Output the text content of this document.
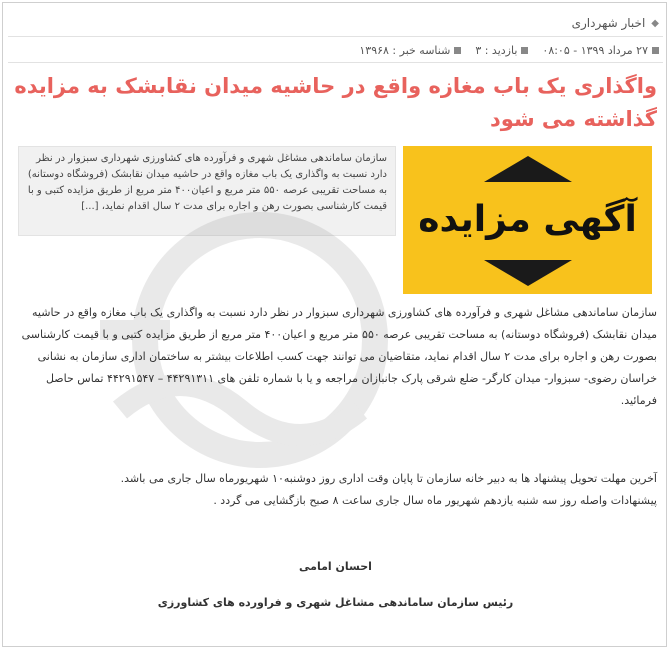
◆
اخبار شهرداری
۲۷ مرداد ۱۳۹۹ - ۰۸:۰۵
بازدید : ۳
شناسه خبر : ۱۳۹۶۸
واگذاری یک باب مغازه واقع در حاشیه میدان نقابشک به مزایده گذاشته می شود
آگهی مزایده
سازمان ساماندهی مشاغل شهری و فرآورده های کشاورزی شهرداری سبزوار در نظر دارد نسبت به واگذاری یک باب مغازه واقع در حاشیه میدان نقابشک (فروشگاه دوستانه) به مساحت تقریبی عرصه ۵۵۰ متر مربع و اعیان۴۰۰ متر مربع از طریق مزایده کتبی و با قیمت کارشناسی بصورت رهن و اجاره برای مدت ۲ سال اقدام نماید، [...]

سازمان ساماندهی مشاغل شهری و فرآورده های کشاورزی شهرداری سبزوار در نظر دارد نسبت به واگذاری یک باب مغازه واقع در حاشیه میدان نقابشک (فروشگاه دوستانه) به مساحت تقریبی عرصه ۵۵۰ متر مربع و اعیان۴۰۰ متر مربع از طریق مزایده کتبی و با قیمت کارشناسی بصورت رهن و اجاره برای مدت ۲ سال اقدام نماید، متقاضیان می توانند جهت کسب اطلاعات بیشتر به ساختمان اداری سازمان به نشانی خراسان رضوی- سبزوار- میدان کارگر- ضلع شرقی پارک جانبازان مراجعه و یا با شماره تلفن های ۴۴۲۹۱۳۱۱ – ۴۴۲۹۱۵۴۷ تماس حاصل فرمائید.

آخرین مهلت تحویل پیشنهاد ها به دبیر خانه سازمان تا پایان وقت اداری روز دوشنبه۱۰ شهریورماه سال جاری می باشد.

پیشنهادات واصله روز سه شنبه یازدهم شهریور ماه سال جاری ساعت ۸ صبح بازگشایی می گردد .

احسان امامی
رئیس سازمان ساماندهی مشاغل شهری و فراورده های کشاورزی
